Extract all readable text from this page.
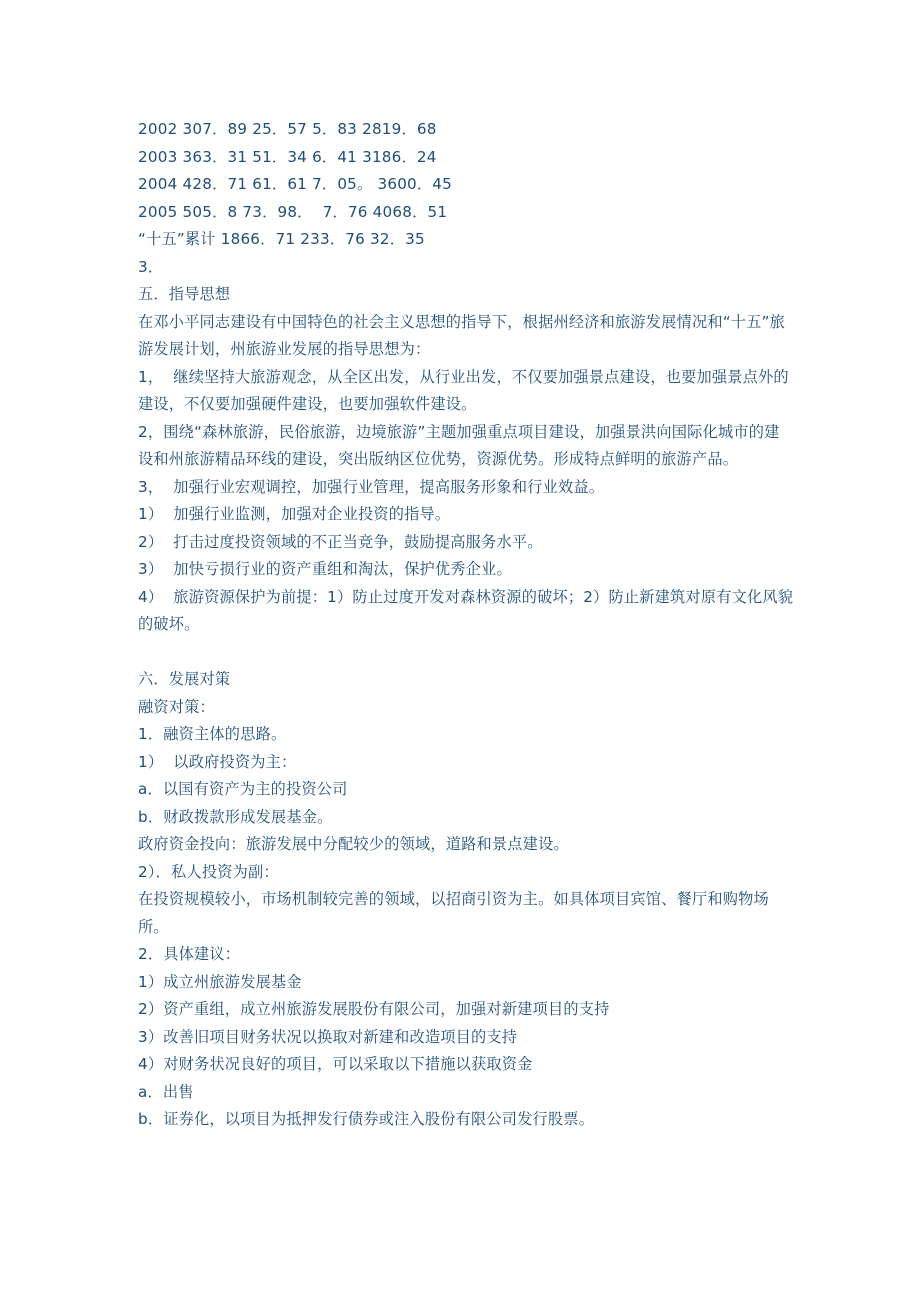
2002 307．89 25．57 5．83 2819．68

2003 363．31 51．34 6．41 3186．24

2004 428．71 61．61 7．05。 3600．45

2005 505．8 73．98．  7．76 4068．51

“十五”累计 1866．71 233．76 32．35

3．

五．指导思想

在邓小平同志建设有中国特色的社会主义思想的指导下，根据州经济和旅游发展情况和“十五”旅游发展计划，州旅游业发展的指导思想为：

1，  继续坚持大旅游观念，从全区出发，从行业出发，不仅要加强景点建设，也要加强景点外的建设，不仅要加强硬件建设，也要加强软件建设。

2，围绕“森林旅游，民俗旅游，边境旅游”主题加强重点项目建设，加强景洪向国际化城市的建设和州旅游精品环线的建设，突出版纳区位优势，资源优势。形成特点鲜明的旅游产品。

3，  加强行业宏观调控，加强行业管理，提高服务形象和行业效益。

1）  加强行业监测，加强对企业投资的指导。

2）  打击过度投资领域的不正当竞争，鼓励提高服务水平。

3）  加快亏损行业的资产重组和淘汰，保护优秀企业。

4）  旅游资源保护为前提：1）防止过度开发对森林资源的破坏；2）防止新建筑对原有文化风貌的破坏。

六．发展对策

融资对策：

1．融资主体的思路。

1）  以政府投资为主：

a．以国有资产为主的投资公司

b．财政拨款形成发展基金。

政府资金投向：旅游发展中分配较少的领域，道路和景点建设。

2）．私人投资为副：

在投资规模较小，市场机制较完善的领域，以招商引资为主。如具体项目宾馆、餐厅和购物场所。

2．具体建议：

1）成立州旅游发展基金

2）资产重组，成立州旅游发展股份有限公司，加强对新建项目的支持

3）改善旧项目财务状况以换取对新建和改造项目的支持

4）对财务状况良好的项目，可以采取以下措施以获取资金

a．出售

b．证券化，以项目为抵押发行债券或注入股份有限公司发行股票。
